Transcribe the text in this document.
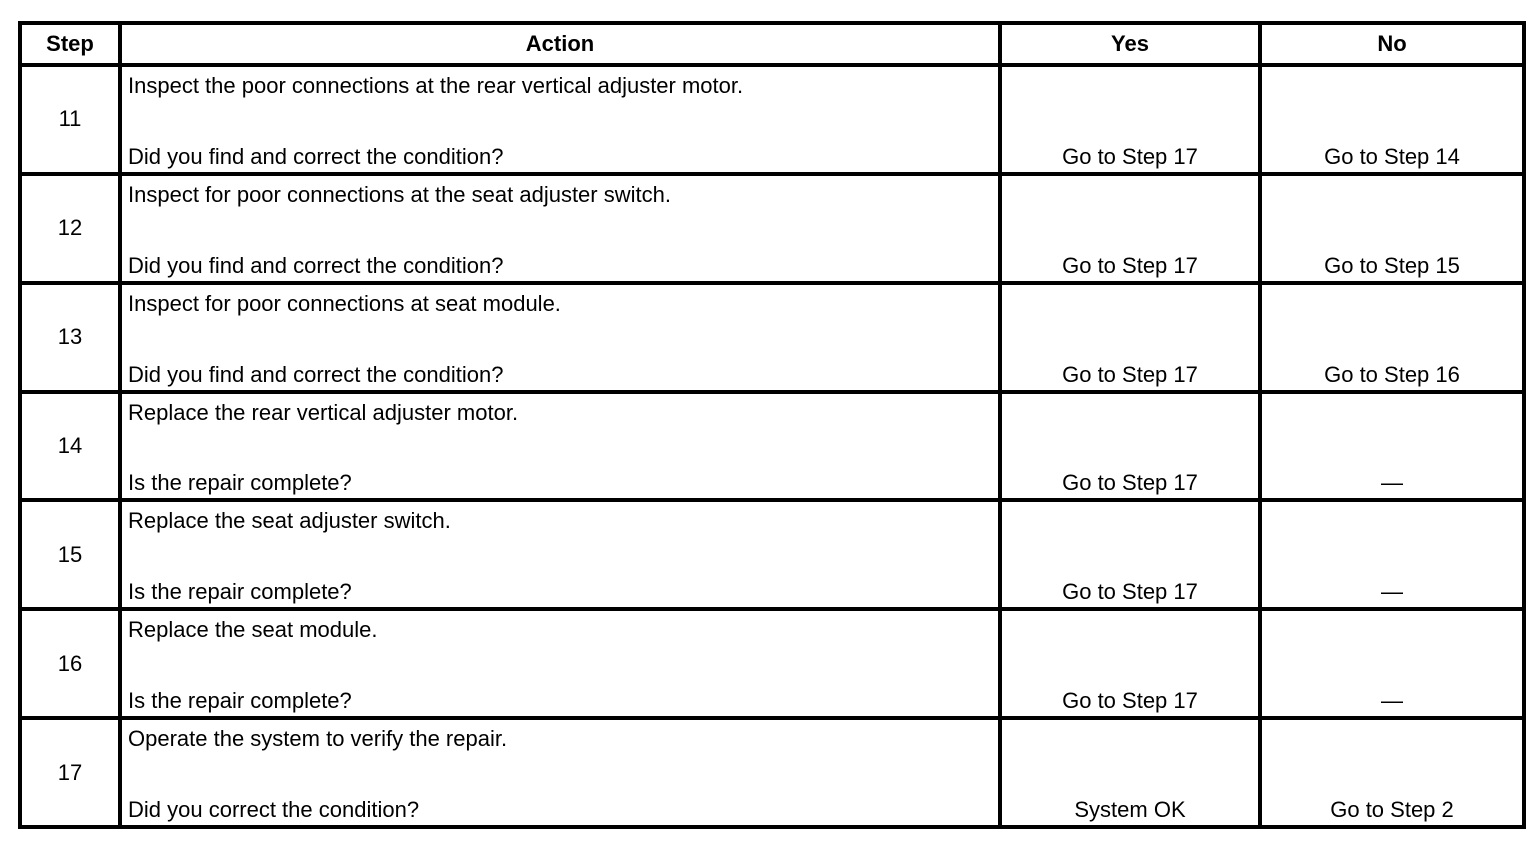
Step	Action	Yes	No
11	Inspect the poor connections at the rear vertical adjuster motor.
Did you find and correct the condition?	Go to Step 17	Go to Step 14

12	Inspect for poor connections at the seat adjuster switch.
Did you find and correct the condition?	Go to Step 17	Go to Step 15

13	Inspect for poor connections at seat module.
Did you find and correct the condition?	Go to Step 17	Go to Step 16

14	Replace the rear vertical adjuster motor.
Is the repair complete?	Go to Step 17	—

15	Replace the seat adjuster switch.
Is the repair complete?	Go to Step 17	—

16	Replace the seat module.
Is the repair complete?	Go to Step 17	—

17	Operate the system to verify the repair.
Did you correct the condition?	System OK	Go to Step 2
